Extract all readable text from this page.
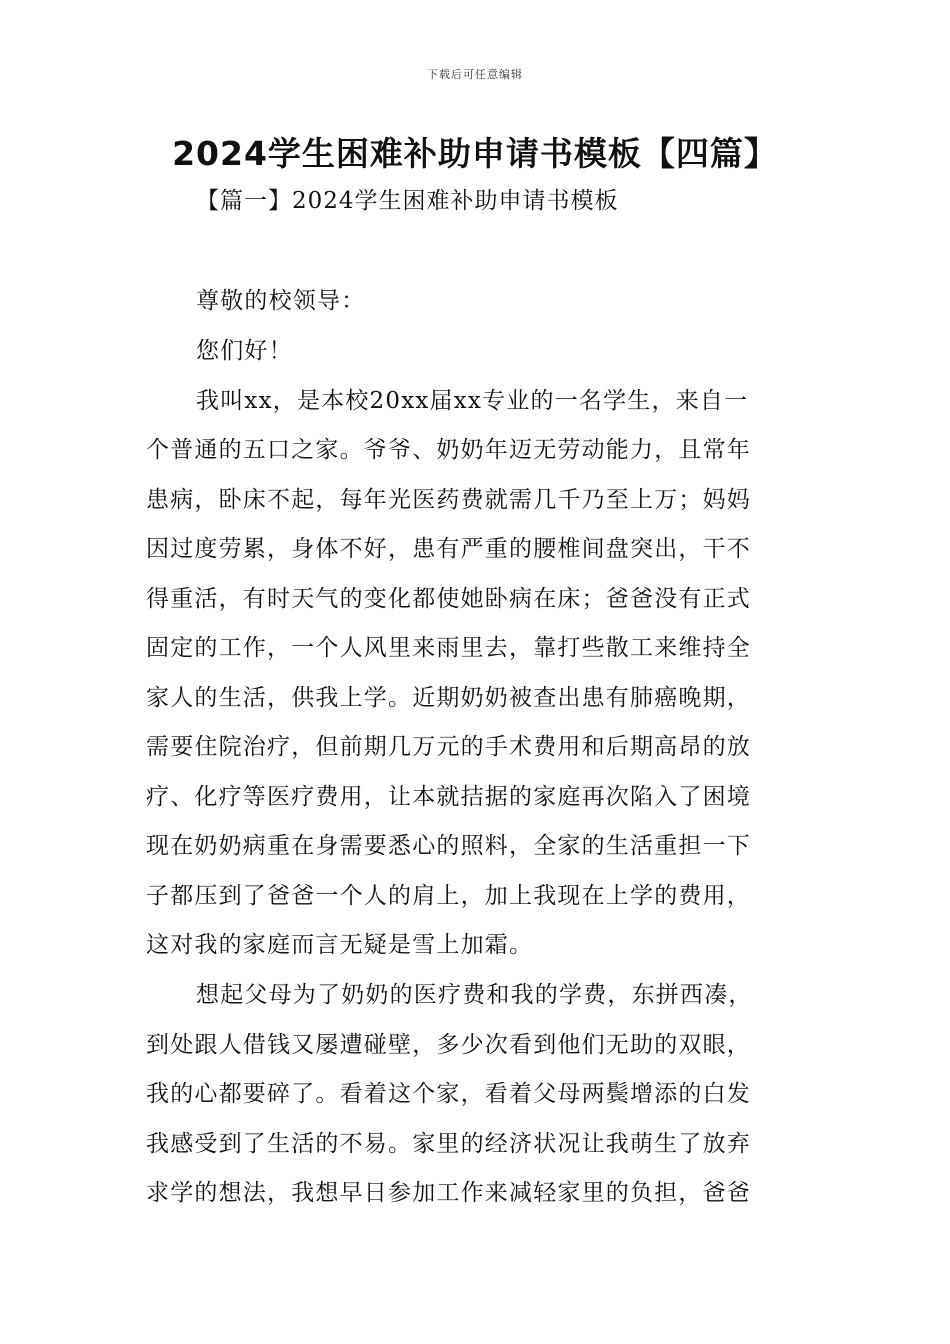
下载后可任意编辑
2024学生困难补助申请书模板【四篇】
【篇一】2024学生困难补助申请书模板
尊敬的校领导：
您们好！
我叫xx，是本校20xx届xx专业的一名学生，来自一
个普通的五口之家。爷爷、奶奶年迈无劳动能力，且常年
患病，卧床不起，每年光医药费就需几千乃至上万；妈妈
因过度劳累，身体不好，患有严重的腰椎间盘突出，干不
得重活，有时天气的变化都使她卧病在床；爸爸没有正式
固定的工作，一个人风里来雨里去，靠打些散工来维持全
家人的生活，供我上学。近期奶奶被查出患有肺癌晚期，
需要住院治疗，但前期几万元的手术费用和后期高昂的放
疗、化疗等医疗费用，让本就拮据的家庭再次陷入了困境
现在奶奶病重在身需要悉心的照料，全家的生活重担一下
子都压到了爸爸一个人的肩上，加上我现在上学的费用，
这对我的家庭而言无疑是雪上加霜。
想起父母为了奶奶的医疗费和我的学费，东拼西凑，
到处跟人借钱又屡遭碰壁，多少次看到他们无助的双眼，
我的心都要碎了。看着这个家，看着父母两鬓增添的白发
我感受到了生活的不易。家里的经济状况让我萌生了放弃
求学的想法，我想早日参加工作来减轻家里的负担，爸爸
